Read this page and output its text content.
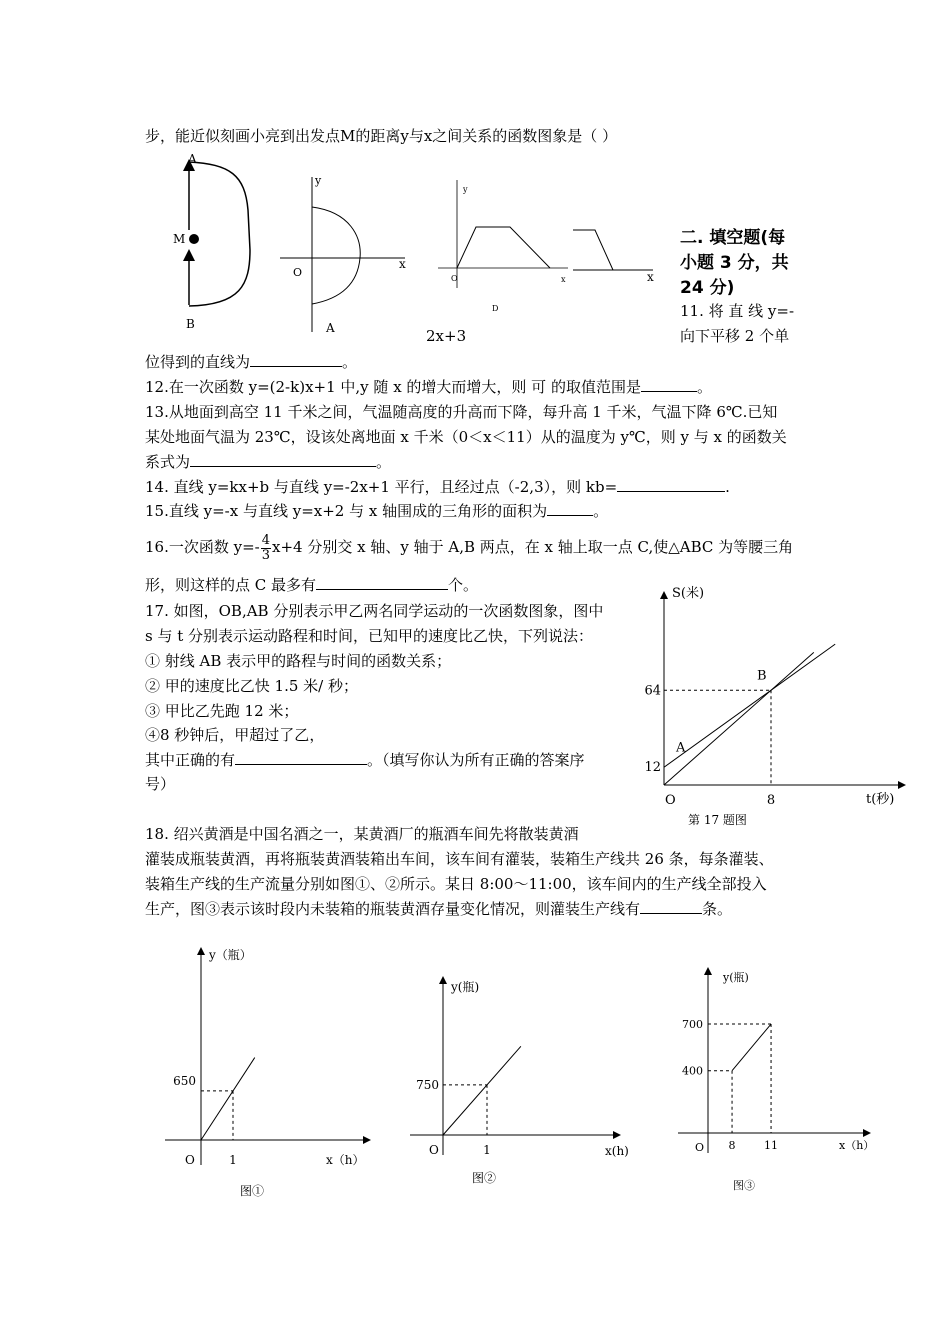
步，能近似刻画小亮到出发点M的距离y与x之间关系的函数图象是（ ）
A
M
B
y
x
O
A
y
x
O
D
x
2x+3
二. 填空题(每
小题 3 分，共
24 分)
11. 将 直 线 y=-
向下平移 2 个单
位得到的直线为	。
12.在一次函数 y=(2-k)x+1 中,y 随 x 的增大而增大，则 可 的取值范围是	。
13.从地面到高空 11 千米之间，气温随高度的升高而下降，每升高 1 千米，气温下降 6℃.已知
某处地面气温为 23℃，设该处离地面 x 千米（0＜x＜11）从的温度为 y℃，则 y 与 x 的函数关
系式为	。
14. 直线 y=kx+b 与直线 y=-2x+1 平行，且经过点（-2,3），则 kb=	.
15.直线 y=-x 与直线 y=x+2 与 x 轴围成的三角形的面积为	。
16.一次函数 $y=- \frac{4}{3} x+4$ 分别交 x 轴、y 轴于 A,B 两点，在 x 轴上取一点 C,使△ABC 为等腰三角
形，则这样的点 C 最多有	个。
17. 如图，OB,AB 分别表示甲乙两名同学运动的一次函数图象，图中
s 与 t 分别表示运动路程和时间，已知甲的速度比乙快，下列说法：
① 射线 AB 表示甲的路程与时间的函数关系；
② 甲的速度比乙快 1.5 米/ 秒；
③ 甲比乙先跑 12 米；
④8 秒钟后，甲超过了乙，
其中正确的有	。（填写你认为所有正确的答案序
号）
S(米)
t(秒)
O
A
B
8
64
12
第 17 题图
18. 绍兴黄酒是中国名酒之一，某黄酒厂的瓶酒车间先将散装黄酒
灌装成瓶装黄酒，再将瓶装黄酒装箱出车间，该车间有灌装，装箱生产线共 26 条，每条灌装、
装箱生产线的生产流量分别如图①、②所示。某日 8:00～11:00，该车间内的生产线全部投入
生产，图③表示该时段内未装箱的瓶装黄酒存量变化情况，则灌装生产线有	条。
y（瓶）
x（h）
O	1
650
图①
y(瓶)
x(h)
O	1
750
图②
y(瓶)
x（h）
O 8	11
700
400
图③
